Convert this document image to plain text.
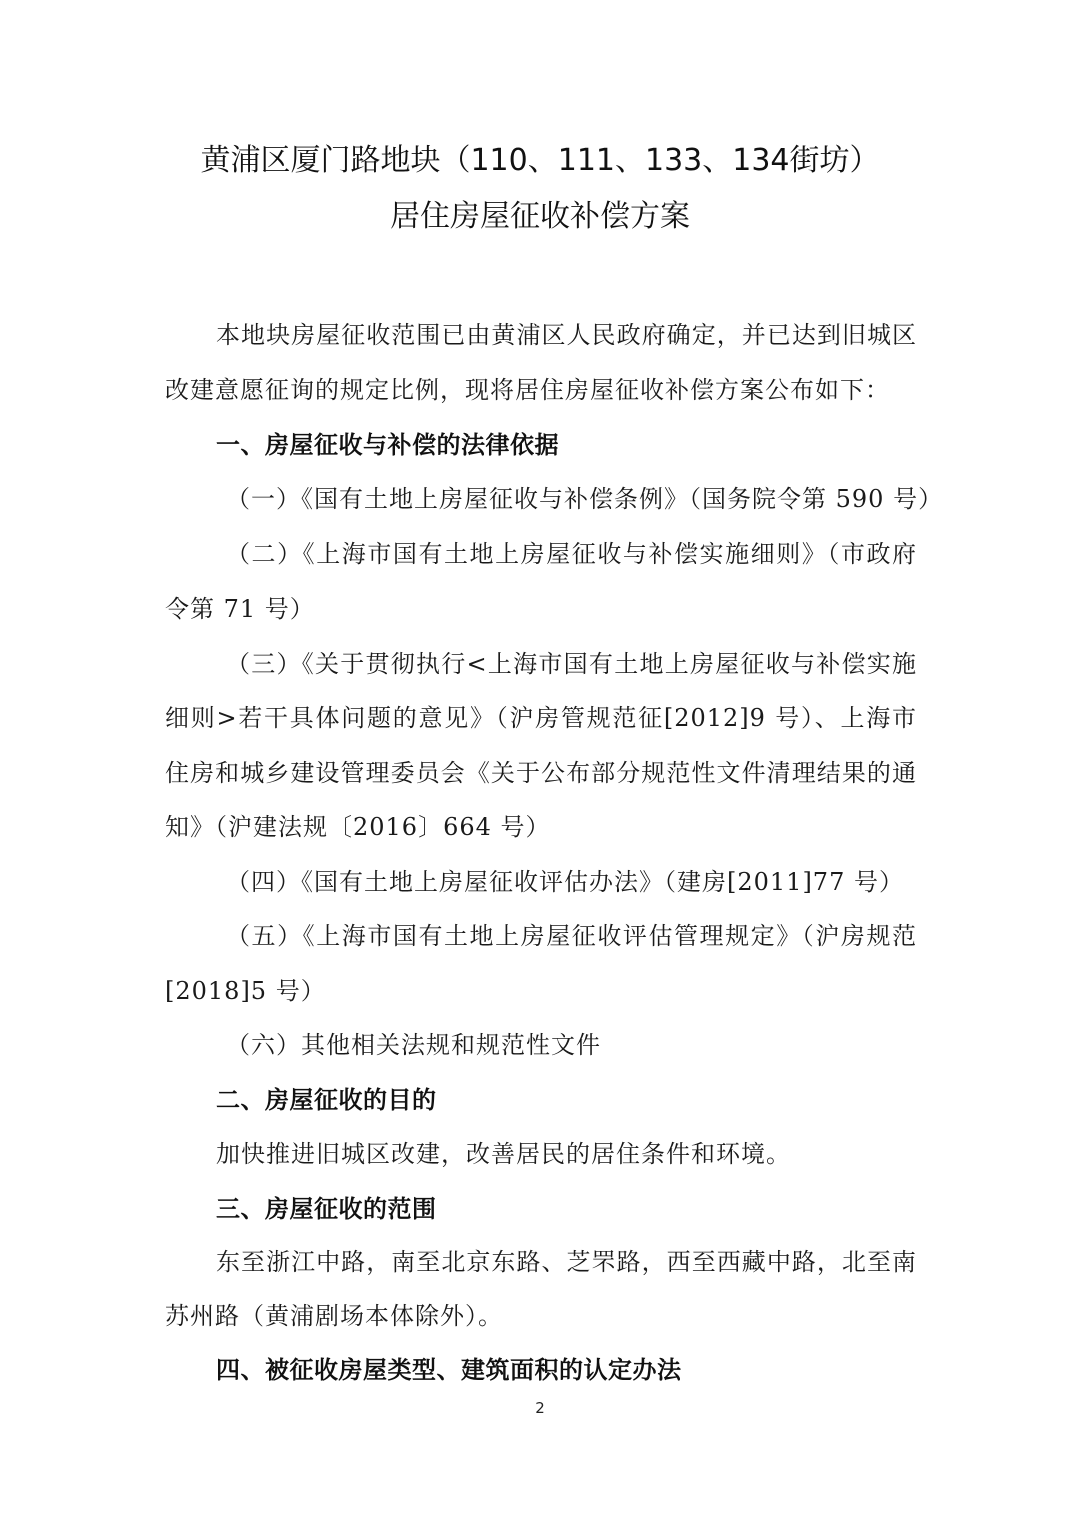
黄浦区厦门路地块（110、111、133、134街坊）
居住房屋征收补偿方案

本地块房屋征收范围已由黄浦区人民政府确定，并已达到旧城区

改建意愿征询的规定比例，现将居住房屋征收补偿方案公布如下：

一、房屋征收与补偿的法律依据

（一）《国有土地上房屋征收与补偿条例》（国务院令第 590 号）

（二）《上海市国有土地上房屋征收与补偿实施细则》（市政府

令第 71 号）

（三）《关于贯彻执行<上海市国有土地上房屋征收与补偿实施

细则>若干具体问题的意见》（沪房管规范征[2012]9 号）、上海市

住房和城乡建设管理委员会《关于公布部分规范性文件清理结果的通

知》（沪建法规〔2016〕664 号）

（四）《国有土地上房屋征收评估办法》（建房[2011]77 号）

（五）《上海市国有土地上房屋征收评估管理规定》（沪房规范

[2018]5 号）

（六）其他相关法规和规范性文件

二、房屋征收的目的

加快推进旧城区改建，改善居民的居住条件和环境。

三、房屋征收的范围

东至浙江中路，南至北京东路、芝罘路，西至西藏中路，北至南

苏州路（黄浦剧场本体除外）。

四、被征收房屋类型、建筑面积的认定办法

2
